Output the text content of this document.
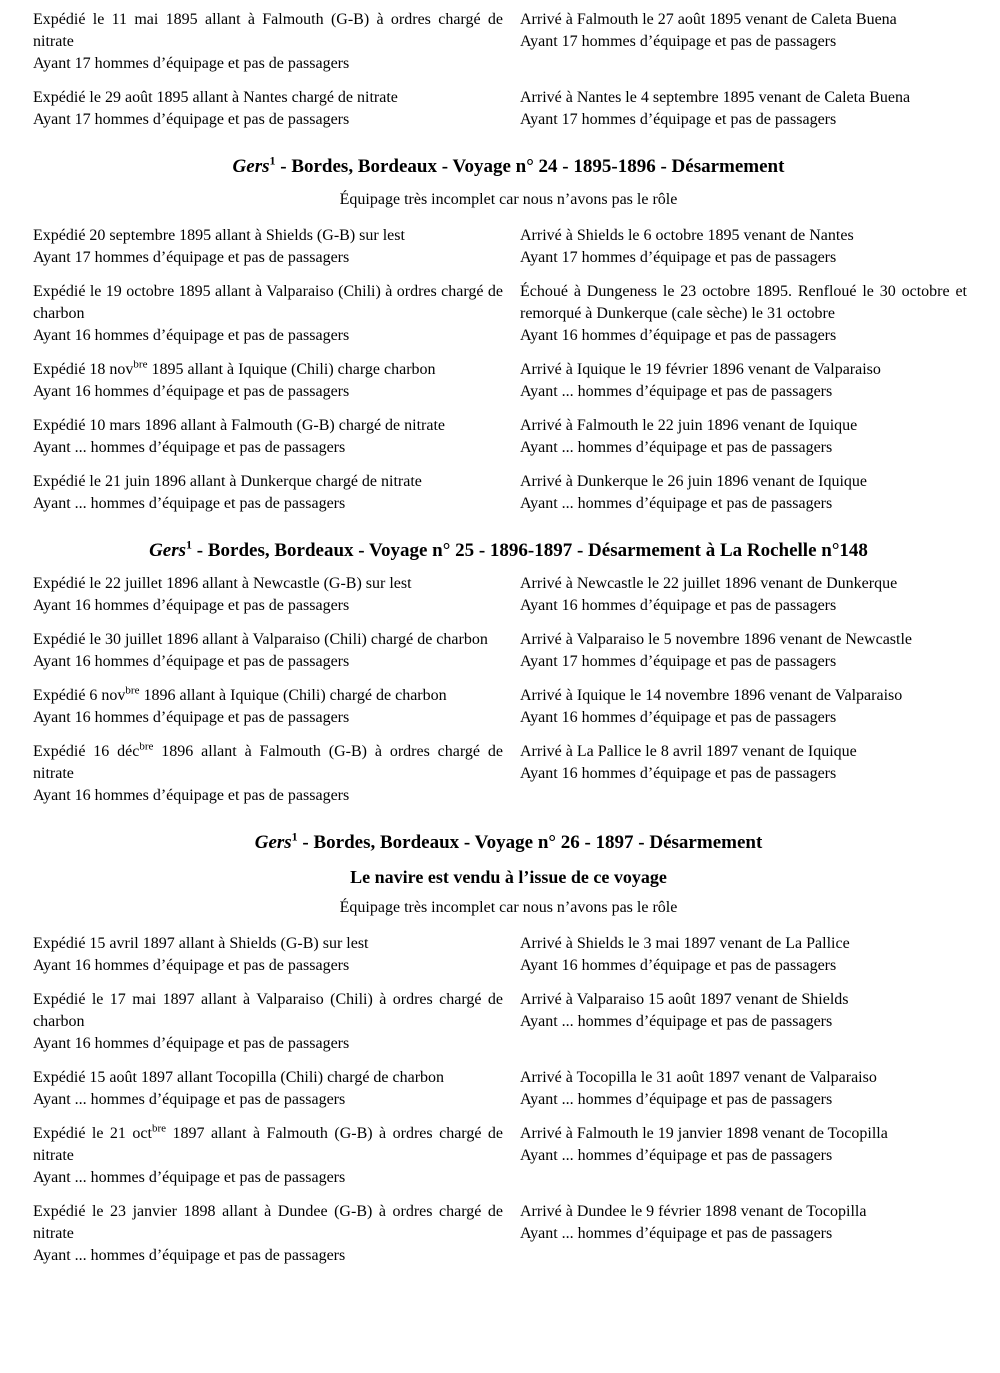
Expédié le 11 mai 1895 allant à Falmouth (G-B) à ordres chargé de nitrate
Ayant 17 hommes d’équipage et pas de passagers
Arrivé à Falmouth le 27 août 1895 venant de Caleta Buena
Ayant 17 hommes d’équipage et pas de passagers
Expédié le 29 août 1895 allant à Nantes chargé de nitrate
Ayant 17 hommes d’équipage et pas de passagers
Arrivé à Nantes le 4 septembre 1895 venant de Caleta Buena
Ayant 17 hommes d’équipage et pas de passagers
Gers$^1$ - Bordes, Bordeaux - Voyage n° 24 - 1895-1896 - Désarmement

Équipage très incomplet car nous n’avons pas le rôle

Expédié 20 septembre 1895 allant à Shields (G-B) sur lest
Ayant 17 hommes d’équipage et pas de passagers
Arrivé à Shields le 6 octobre 1895 venant de Nantes
Ayant 17 hommes d’équipage et pas de passagers
Expédié le 19 octobre 1895 allant à Valparaiso (Chili) à ordres chargé de charbon
Ayant 16 hommes d’équipage et pas de passagers
Échoué à Dungeness le 23 octobre 1895. Renfloué le 30 octobre et remorqué à Dunkerque (cale sèche) le 31 octobre
Ayant 16 hommes d’équipage et pas de passagers
Expédié 18 nov$^{bre}$ 1895 allant à Iquique (Chili) charge charbon
Ayant 16 hommes d’équipage et pas de passagers
Arrivé à Iquique le 19 février 1896 venant de Valparaiso
Ayant ... hommes d’équipage et pas de passagers
Expédié 10 mars 1896 allant à Falmouth (G-B) chargé de nitrate
Ayant ... hommes d’équipage et pas de passagers
Arrivé à Falmouth le 22 juin 1896 venant de Iquique
Ayant ... hommes d’équipage et pas de passagers
Expédié le 21 juin 1896 allant à Dunkerque chargé de nitrate
Ayant ... hommes d’équipage et pas de passagers
Arrivé à Dunkerque le 26 juin 1896 venant de Iquique
Ayant ... hommes d’équipage et pas de passagers
Gers$^1$ - Bordes, Bordeaux - Voyage n° 25 - 1896-1897 - Désarmement à La Rochelle n°148
Expédié le 22 juillet 1896 allant à Newcastle (G-B) sur lest
Ayant 16 hommes d’équipage et pas de passagers
Arrivé à Newcastle le 22 juillet 1896 venant de Dunkerque
Ayant 16 hommes d’équipage et pas de passagers
Expédié le 30 juillet 1896 allant à Valparaiso (Chili) chargé de charbon
Ayant 16 hommes d’équipage et pas de passagers
Arrivé à Valparaiso le 5 novembre 1896 venant de Newcastle
Ayant 17 hommes d’équipage et pas de passagers
Expédié 6 nov$^{bre}$ 1896 allant à Iquique (Chili) chargé de charbon
Ayant 16 hommes d’équipage et pas de passagers
Arrivé à Iquique le 14 novembre 1896 venant de Valparaiso
Ayant 16 hommes d’équipage et pas de passagers
Expédié 16 déc$^{bre}$ 1896 allant à Falmouth (G-B) à ordres chargé de nitrate
Ayant 16 hommes d’équipage et pas de passagers
Arrivé à La Pallice le 8 avril 1897 venant de Iquique
Ayant 16 hommes d’équipage et pas de passagers
Gers$^1$ - Bordes, Bordeaux - Voyage n° 26 - 1897 - Désarmement

Le navire est vendu à l’issue de ce voyage

Équipage très incomplet car nous n’avons pas le rôle

Expédié 15 avril 1897 allant à Shields (G-B) sur lest
Ayant 16 hommes d’équipage et pas de passagers
Arrivé à Shields le 3 mai 1897 venant de La Pallice
Ayant 16 hommes d’équipage et pas de passagers
Expédié le 17 mai 1897 allant à Valparaiso (Chili) à ordres chargé de charbon
Ayant 16 hommes d’équipage et pas de passagers
Arrivé à Valparaiso 15 août 1897 venant de Shields
Ayant ... hommes d’équipage et pas de passagers
Expédié 15 août 1897 allant Tocopilla (Chili) chargé de charbon
Ayant ... hommes d’équipage et pas de passagers
Arrivé à Tocopilla le 31 août 1897 venant de Valparaiso
Ayant ... hommes d’équipage et pas de passagers
Expédié le 21 oct$^{bre}$ 1897 allant à Falmouth (G-B) à ordres chargé de nitrate
Ayant ... hommes d’équipage et pas de passagers
Arrivé à Falmouth le 19 janvier 1898 venant de Tocopilla
Ayant ... hommes d’équipage et pas de passagers
Expédié le 23 janvier 1898 allant à Dundee (G-B) à ordres chargé de nitrate
Ayant ... hommes d’équipage et pas de passagers
Arrivé à Dundee le 9 février 1898 venant de Tocopilla
Ayant ... hommes d’équipage et pas de passagers
